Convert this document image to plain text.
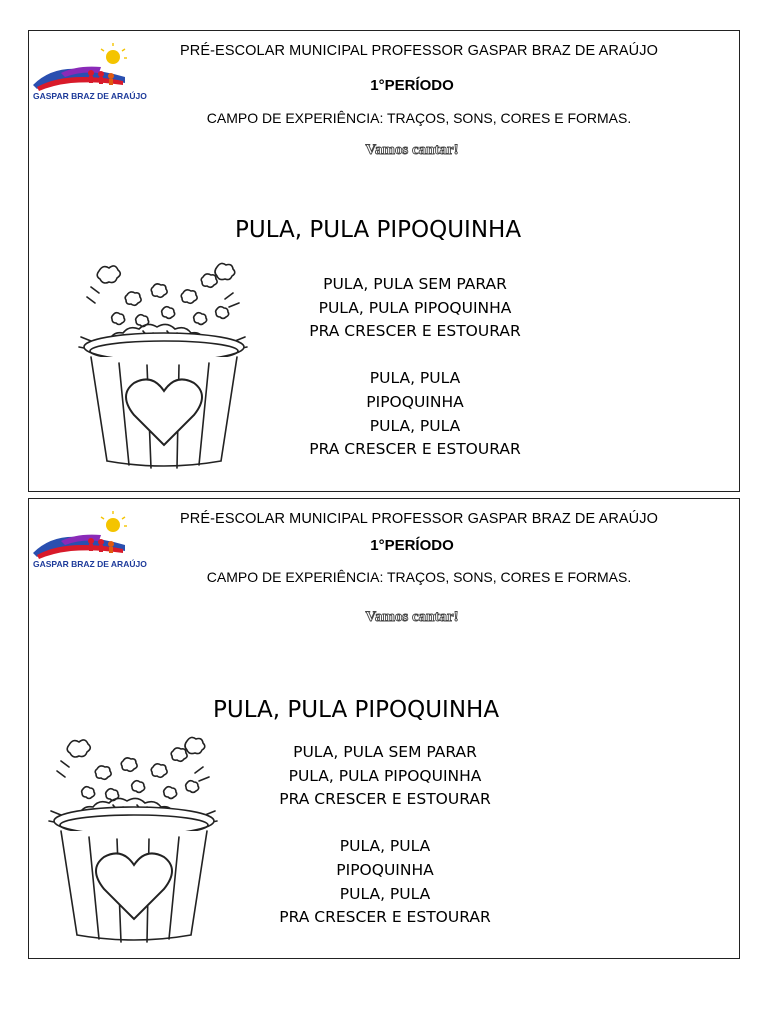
GASPAR BRAZ DE ARAÚJO
PRÉ-ESCOLAR MUNICIPAL PROFESSOR GASPAR BRAZ DE ARAÚJO
1°PERÍODO
CAMPO DE EXPERIÊNCIA: TRAÇOS, SONS, CORES E FORMAS.
Vamos cantar!
PULA, PULA PIPOQUINHA
PULA, PULA SEM PARAR
PULA, PULA PIPOQUINHA
PRA CRESCER E ESTOURAR
PULA, PULA
PIPOQUINHA
PULA, PULA
PRA CRESCER E ESTOURAR
GASPAR BRAZ DE ARAÚJO
PRÉ-ESCOLAR MUNICIPAL PROFESSOR GASPAR BRAZ DE ARAÚJO
1°PERÍODO
CAMPO DE EXPERIÊNCIA: TRAÇOS, SONS, CORES E FORMAS.
Vamos cantar!
PULA, PULA PIPOQUINHA
PULA, PULA SEM PARAR
PULA, PULA PIPOQUINHA
PRA CRESCER E ESTOURAR
PULA, PULA
PIPOQUINHA
PULA, PULA
PRA CRESCER E ESTOURAR
